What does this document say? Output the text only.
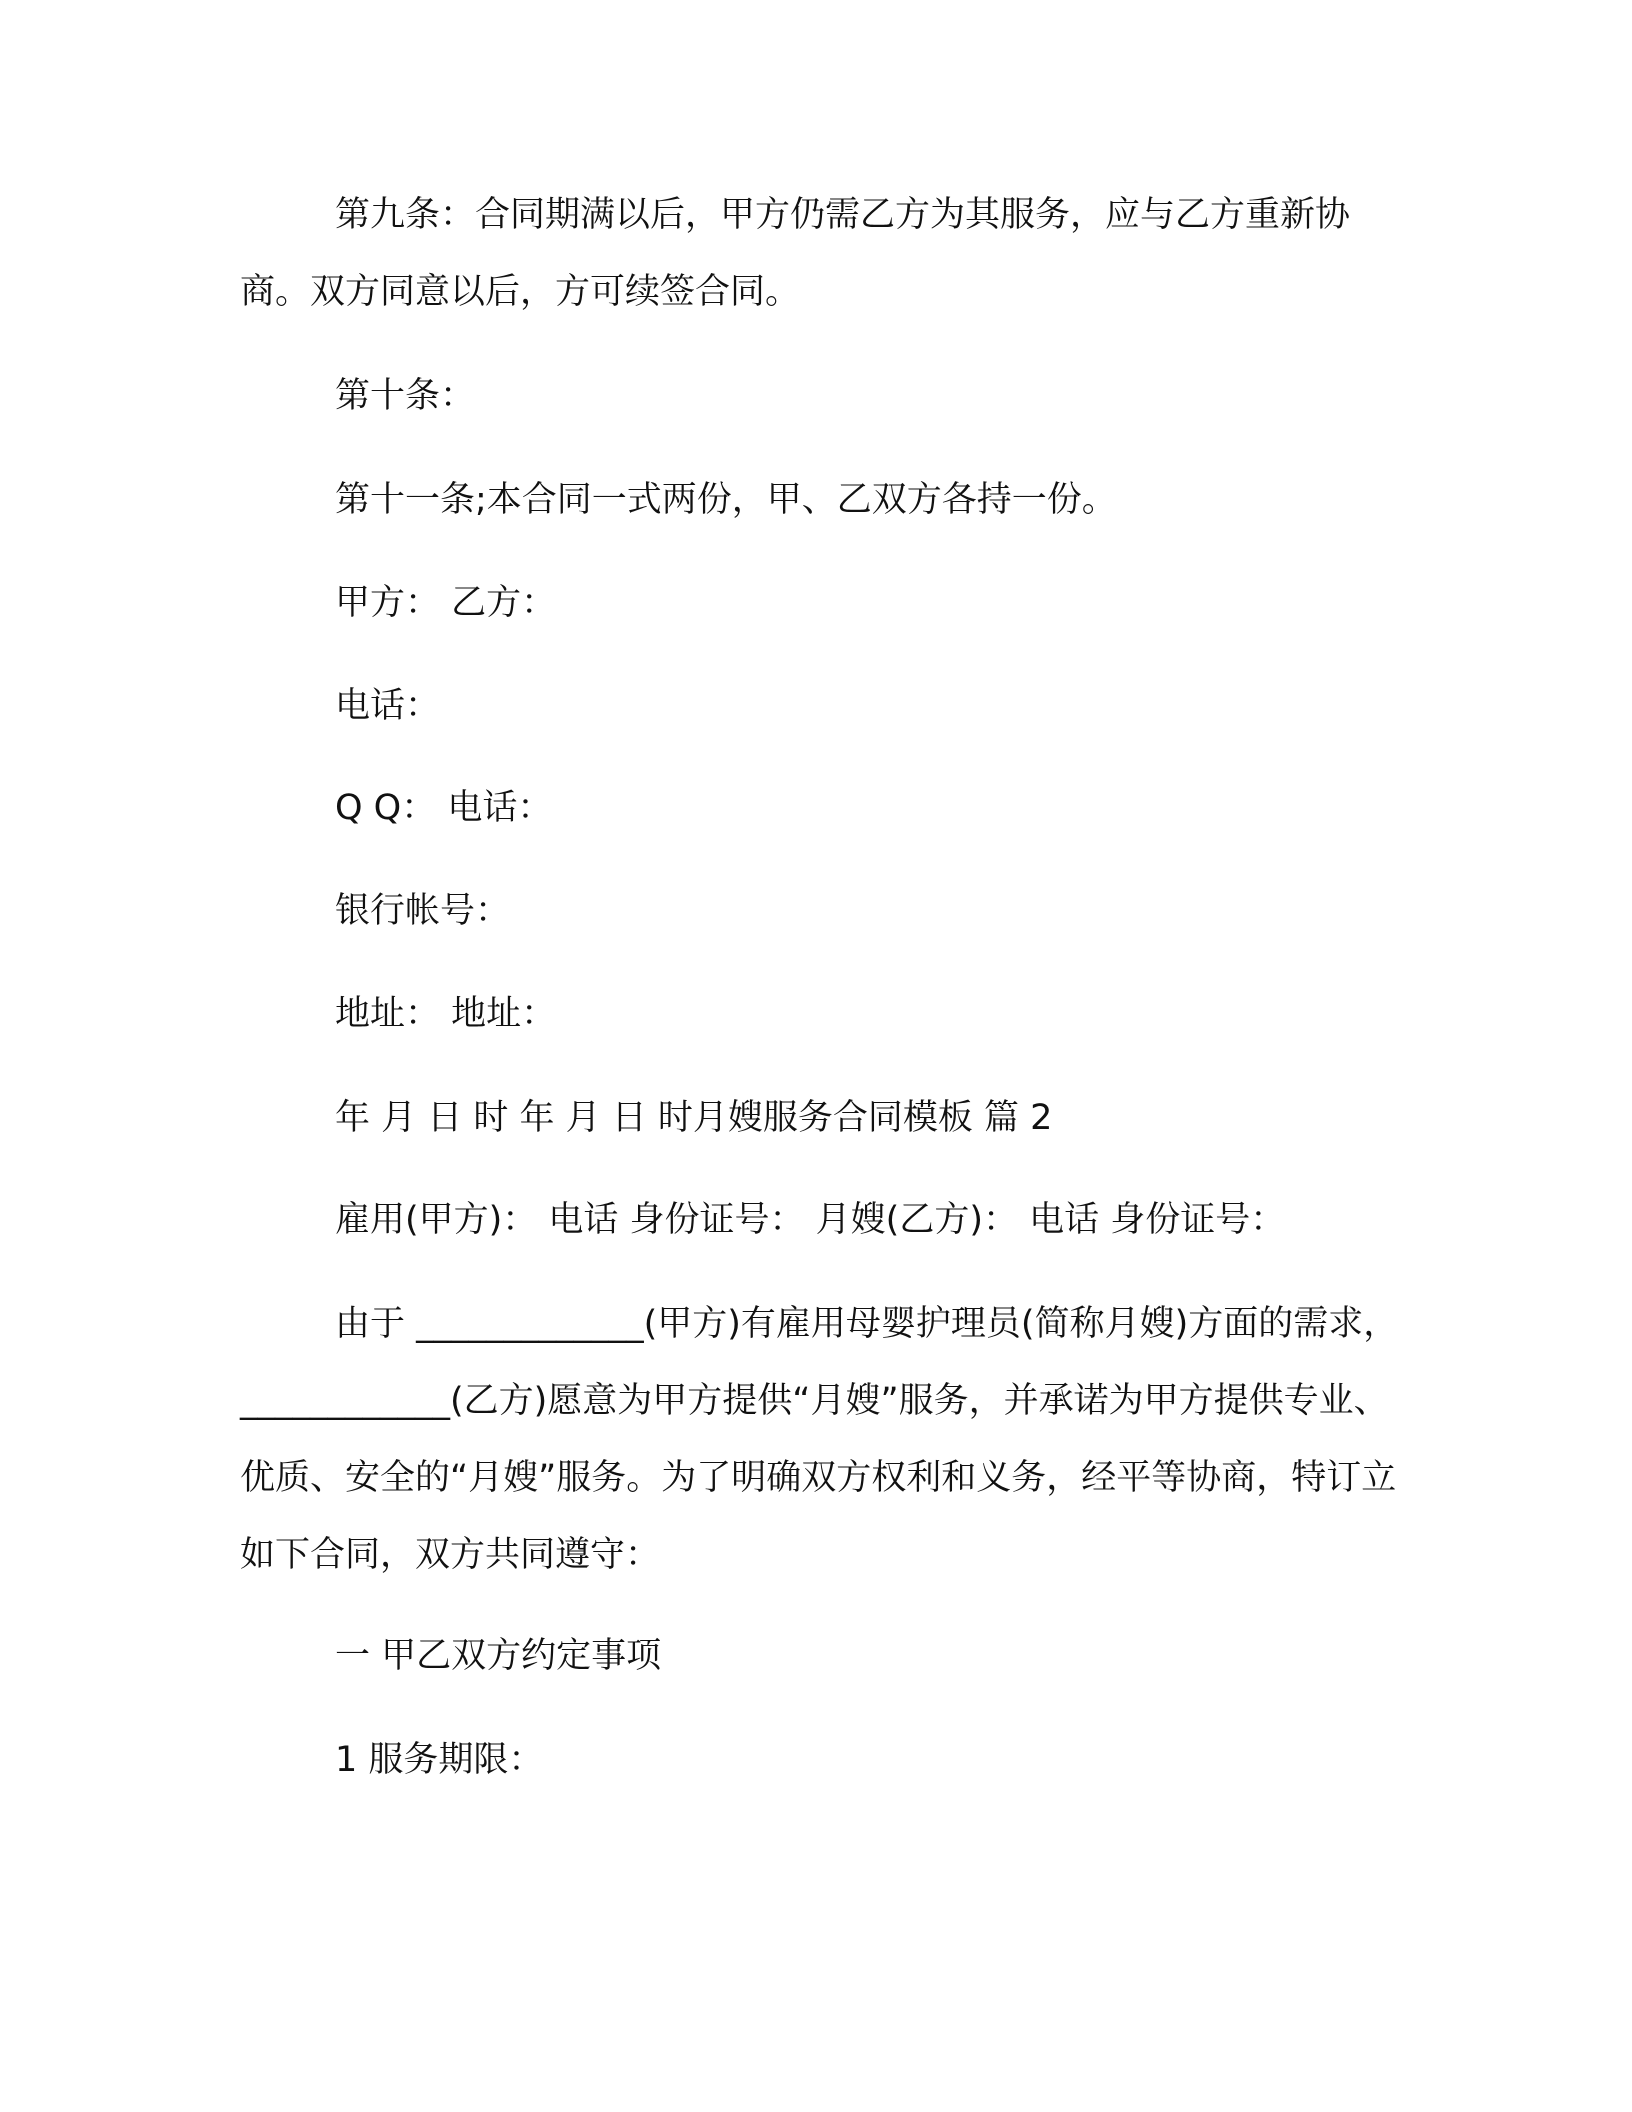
第九条：合同期满以后，甲方仍需乙方为其服务，应与乙方重新协商。双方同意以后，方可续签合同。

第十条：

第十一条;本合同一式两份，甲、乙双方各持一份。

甲方： 乙方：

电话：

Q Q： 电话：

银行帐号：

地址： 地址：

年 月 日 时 年 月 日 时月嫂服务合同模板 篇 2

雇用(甲方)： 电话 身份证号： 月嫂(乙方)： 电话 身份证号：

由于 _____________(甲方)有雇用母婴护理员(简称月嫂)方面的需求，____________(乙方)愿意为甲方提供“月嫂”服务，并承诺为甲方提供专业、优质、安全的“月嫂”服务。为了明确双方权利和义务，经平等协商，特订立如下合同，双方共同遵守：

一 甲乙双方约定事项

1 服务期限：
